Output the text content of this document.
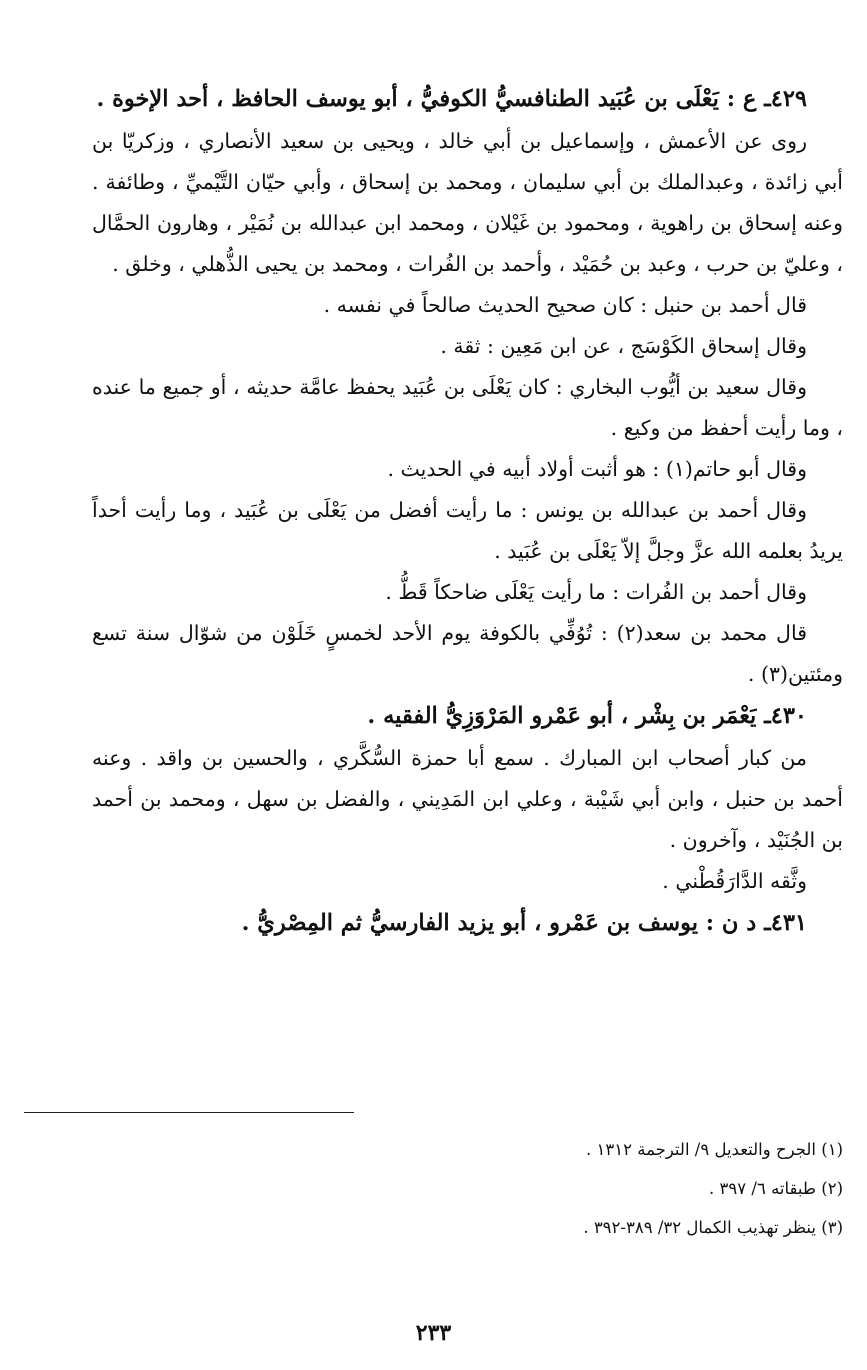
٤٢٩ـ ع : يَعْلَى بن عُبَيد الطنافسيُّ الكوفيُّ ، أبو يوسف الحافظ ، أحد الإخوة .

روى عن الأعمش ، وإسماعيل بن أبي خالد ، ويحيى بن سعيد الأنصاري ، وزكريّا بن أبي زائدة ، وعبدالملك بن أبي سليمان ، ومحمد بن إسحاق ، وأبي حيّان التَّيْميِّ ، وطائفة . وعنه إسحاق بن راهوية ، ومحمود بن غَيْلان ، ومحمد ابن عبدالله بن نُمَيْر ، وهارون الحمَّال ، وعليّ بن حرب ، وعبد بن حُمَيْد ، وأحمد بن الفُرات ، ومحمد بن يحيى الذُّهلي ، وخلق .

قال أحمد بن حنبل : كان صحيح الحديث صالحاً في نفسه .

وقال إسحاق الكَوْسَج ، عن ابن مَعِين : ثقة .

وقال سعيد بن أيُّوب البخاري : كان يَعْلَى بن عُبَيد يحفظ عامَّة حديثه ، أو جميع ما عنده ، وما رأيت أحفظ من وكيع .

وقال أبو حاتم(١) : هو أثبت أولاد أبيه في الحديث .

وقال أحمد بن عبدالله بن يونس : ما رأيت أفضل من يَعْلَى بن عُبَيد ، وما رأيت أحداً يريدُ بعلمه الله عزَّ وجلَّ إلاّ يَعْلَى بن عُبَيد .

وقال أحمد بن الفُرات : ما رأيت يَعْلَى ضاحكاً قَطُّ .

قال محمد بن سعد(٢) : تُوُفِّي بالكوفة يوم الأحد لخمسٍ خَلَوْن من شوّال سنة تسع ومئتين(٣) .

٤٣٠ـ يَعْمَر بن بِشْر ، أبو عَمْرو المَرْوَزِيُّ الفقيه .

من كبار أصحاب ابن المبارك . سمع أبا حمزة السُّكَّري ، والحسين بن واقد . وعنه أحمد بن حنبل ، وابن أبي شَيْبة ، وعلي ابن المَدِيني ، والفضل بن سهل ، ومحمد بن أحمد بن الجُنَيْد ، وآخرون .

وثَّقه الدَّارَقُطْني .

٤٣١ـ د ن : يوسف بن عَمْرو ، أبو يزيد الفارسيُّ ثم المِصْريُّ .

(١) الجرح والتعديل ٩/ الترجمة ١٣١٢ .

(٢) طبقاته ٦/ ٣٩٧ .

(٣) ينظر تهذيب الكمال ٣٢/ ٣٨٩-٣٩٢ .

٢٣٣
